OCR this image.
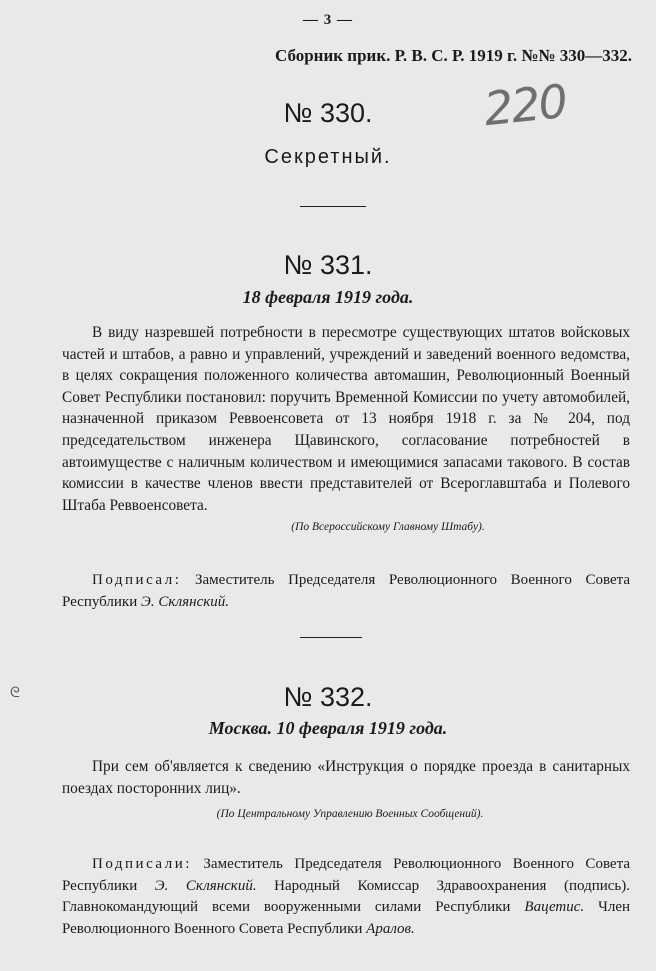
— 3 —
Сборник прик. Р. В. С. Р. 1919 г. №№ 330—332.
220
№ 330.
Секретный.
№ 331.
18 февраля 1919 года.
В виду назревшей потребности в пересмотре существующих штатов войсковых частей и штабов, а равно и управлений, учреждений и заведений военного ведомства, в целях сокращения положенного количества автомашин, Революционный Военный Совет Республики постановил: поручить Временной Комиссии по учету автомобилей, назначенной приказом Реввоенсовета от 13 ноября 1918 г. за № 204, под председательством инженера Щавинского, согласование потребностей в автоимуществе с наличным количеством и имеющимися запасами такового. В состав комиссии в качестве членов ввести представителей от Всероглавштаба и Полевого Штаба Реввоенсовета.
(По Всероссийскому Главному Штабу).
Подписал: Заместитель Председателя Революционного Военного Совета Республики Э. Склянский.
ᘓ	№ 332.
Москва. 10 февраля 1919 года.
При сем об'является к сведению «Инструкция о порядке проезда в санитарных поездах посторонних лиц».
(По Центральному Управлению Военных Сообщений).
Подписали: Заместитель Председателя Революционного Военного Совета Республики Э. Склянский. Народный Комиссар Здравоохранения (подпись). Главнокомандующий всеми вооруженными силами Республики Вацетис. Член Революционного Военного Совета Республики Аралов.
